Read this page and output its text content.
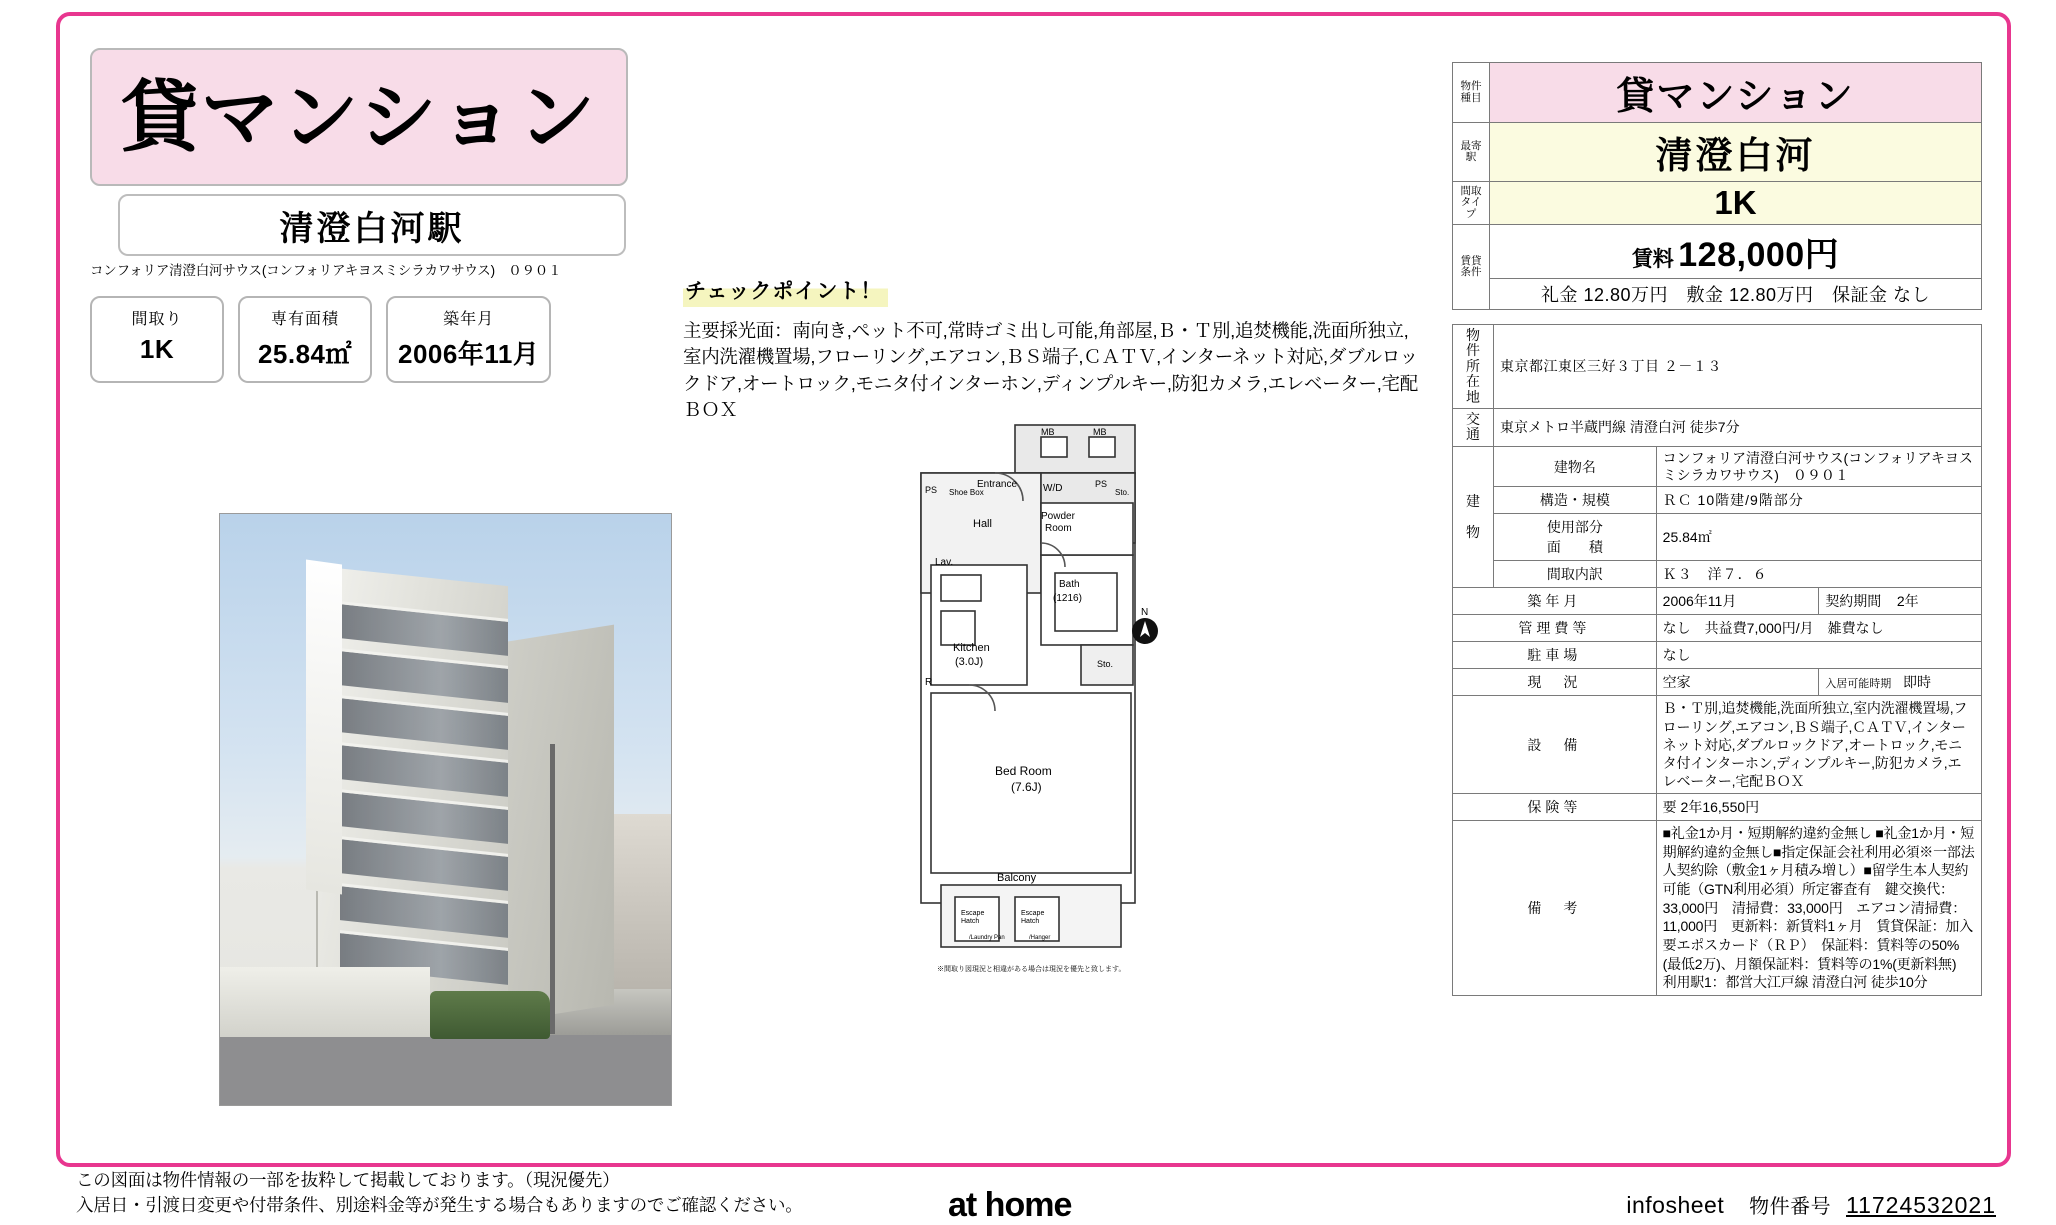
貸マンション
清澄白河駅
コンフォリア清澄白河サウス(コンフォリアキヨスミシラカワサウス)　０９０１
間取り
1K
専有面積
25.84㎡
築年月
2006年11月
チェックポイント！
主要採光面：南向き,ペット不可,常時ゴミ出し可能,角部屋,Ｂ・Ｔ別,追焚機能,洗面所独立,室内洗濯機置場,フローリング,エアコン,ＢＳ端子,ＣＡＴＶ,インターネット対応,ダブルロックドア,オートロック,モニタ付インターホン,ディンプルキー,防犯カメラ,エレベーター,宅配ＢＯＸ
MB	MB
PS Shoe Box
Entrance	W/D	PS
Sto.
Powder
Room
Lav.
Hall
Bath
(1216)
Kitchen
(3.0J)
R
Sto.
Bed Room
(7.6J)
Balcony
Escape
Hatch
Escape
Hatch
/Laundry Pan	/Hanger
N
※間取り図現況と相違がある場合は現況を優先と致します。
物件種目	貸マンション

最寄駅	清澄白河

間取タイプ	1K

賃貸条件	賃料 128,000円
	礼金 12.80万円　敷金 12.80万円　保証金 なし
物
件
所
在
地	東京都江東区三好３丁目 ２－１３		
交
通	東京メトロ半蔵門線 清澄白河 徒歩7分		
建

物	建物名	コンフォリア清澄白河サウス(コンフォリアキヨスミシラカワサウス)　０９０１	
	構造・規模	ＲＣ 10階建/9階部分	
	使用部分
面　　積	25.84㎡	
	間取内訳	Ｋ３　洋７．６	
築年月		2006年11月	契約期間 2年
管理費等		なし　共益費7,000円/月　雑費なし	
駐車場		なし	
現　況		空家	入居可能時期 即時
設　備		Ｂ・Ｔ別,追焚機能,洗面所独立,室内洗濯機置場,フローリング,エアコン,ＢＳ端子,ＣＡＴＶ,インターネット対応,ダブルロックドア,オートロック,モニタ付インターホン,ディンプルキー,防犯カメラ,エレベーター,宅配ＢＯＸ	
保険等		要 2年16,550円	
備　考		■礼金1か月・短期解約違約金無し ■礼金1か月・短期解約違約金無し■指定保証会社利用必須※一部法人契約除（敷金1ヶ月積み増し）■留学生本人契約可能（GTN利用必須）所定審査有　鍵交換代：33,000円　清掃費：33,000円　エアコン清掃費：11,000円　更新料：新賃料1ヶ月　賃貸保証：加入要エポスカード（ＲＰ）　保証料：賃料等の50%(最低2万)、月額保証料：賃料等の1%(更新料無)　利用駅1：都営大江戸線 清澄白河 徒歩10分	
この図面は物件情報の一部を抜粋して掲載しております。（現況優先）
入居日・引渡日変更や付帯条件、別途料金等が発生する場合もありますのでご確認ください。	at home	infosheet 物件番号 11724532021
